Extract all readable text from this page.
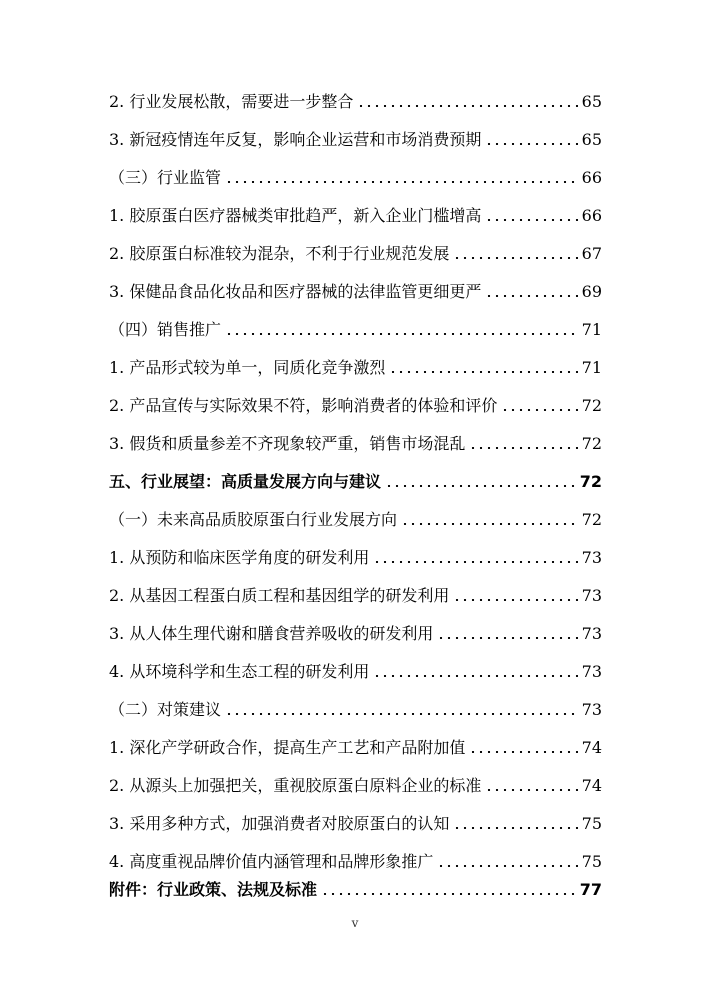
2. 行业发展松散，需要进一步整合	65
3. 新冠疫情连年反复，影响企业运营和市场消费预期	65
（三）行业监管	66
1. 胶原蛋白医疗器械类审批趋严，新入企业门槛增高	66
2. 胶原蛋白标准较为混杂，不利于行业规范发展	67
3. 保健品食品化妆品和医疗器械的法律监管更细更严	69
（四）销售推广	71
1. 产品形式较为单一，同质化竞争激烈	71
2. 产品宣传与实际效果不符，影响消费者的体验和评价	72
3. 假货和质量参差不齐现象较严重，销售市场混乱	72
五、行业展望：高质量发展方向与建议	72
（一）未来高品质胶原蛋白行业发展方向	72
1. 从预防和临床医学角度的研发利用	73
2. 从基因工程蛋白质工程和基因组学的研发利用	73
3. 从人体生理代谢和膳食营养吸收的研发利用	73
4. 从环境科学和生态工程的研发利用	73
（二）对策建议	73
1. 深化产学研政合作，提高生产工艺和产品附加值	74
2. 从源头上加强把关，重视胶原蛋白原料企业的标准	74
3. 采用多种方式，加强消费者对胶原蛋白的认知	75
4. 高度重视品牌价值内涵管理和品牌形象推广	75
附件：行业政策、法规及标准	77
v
